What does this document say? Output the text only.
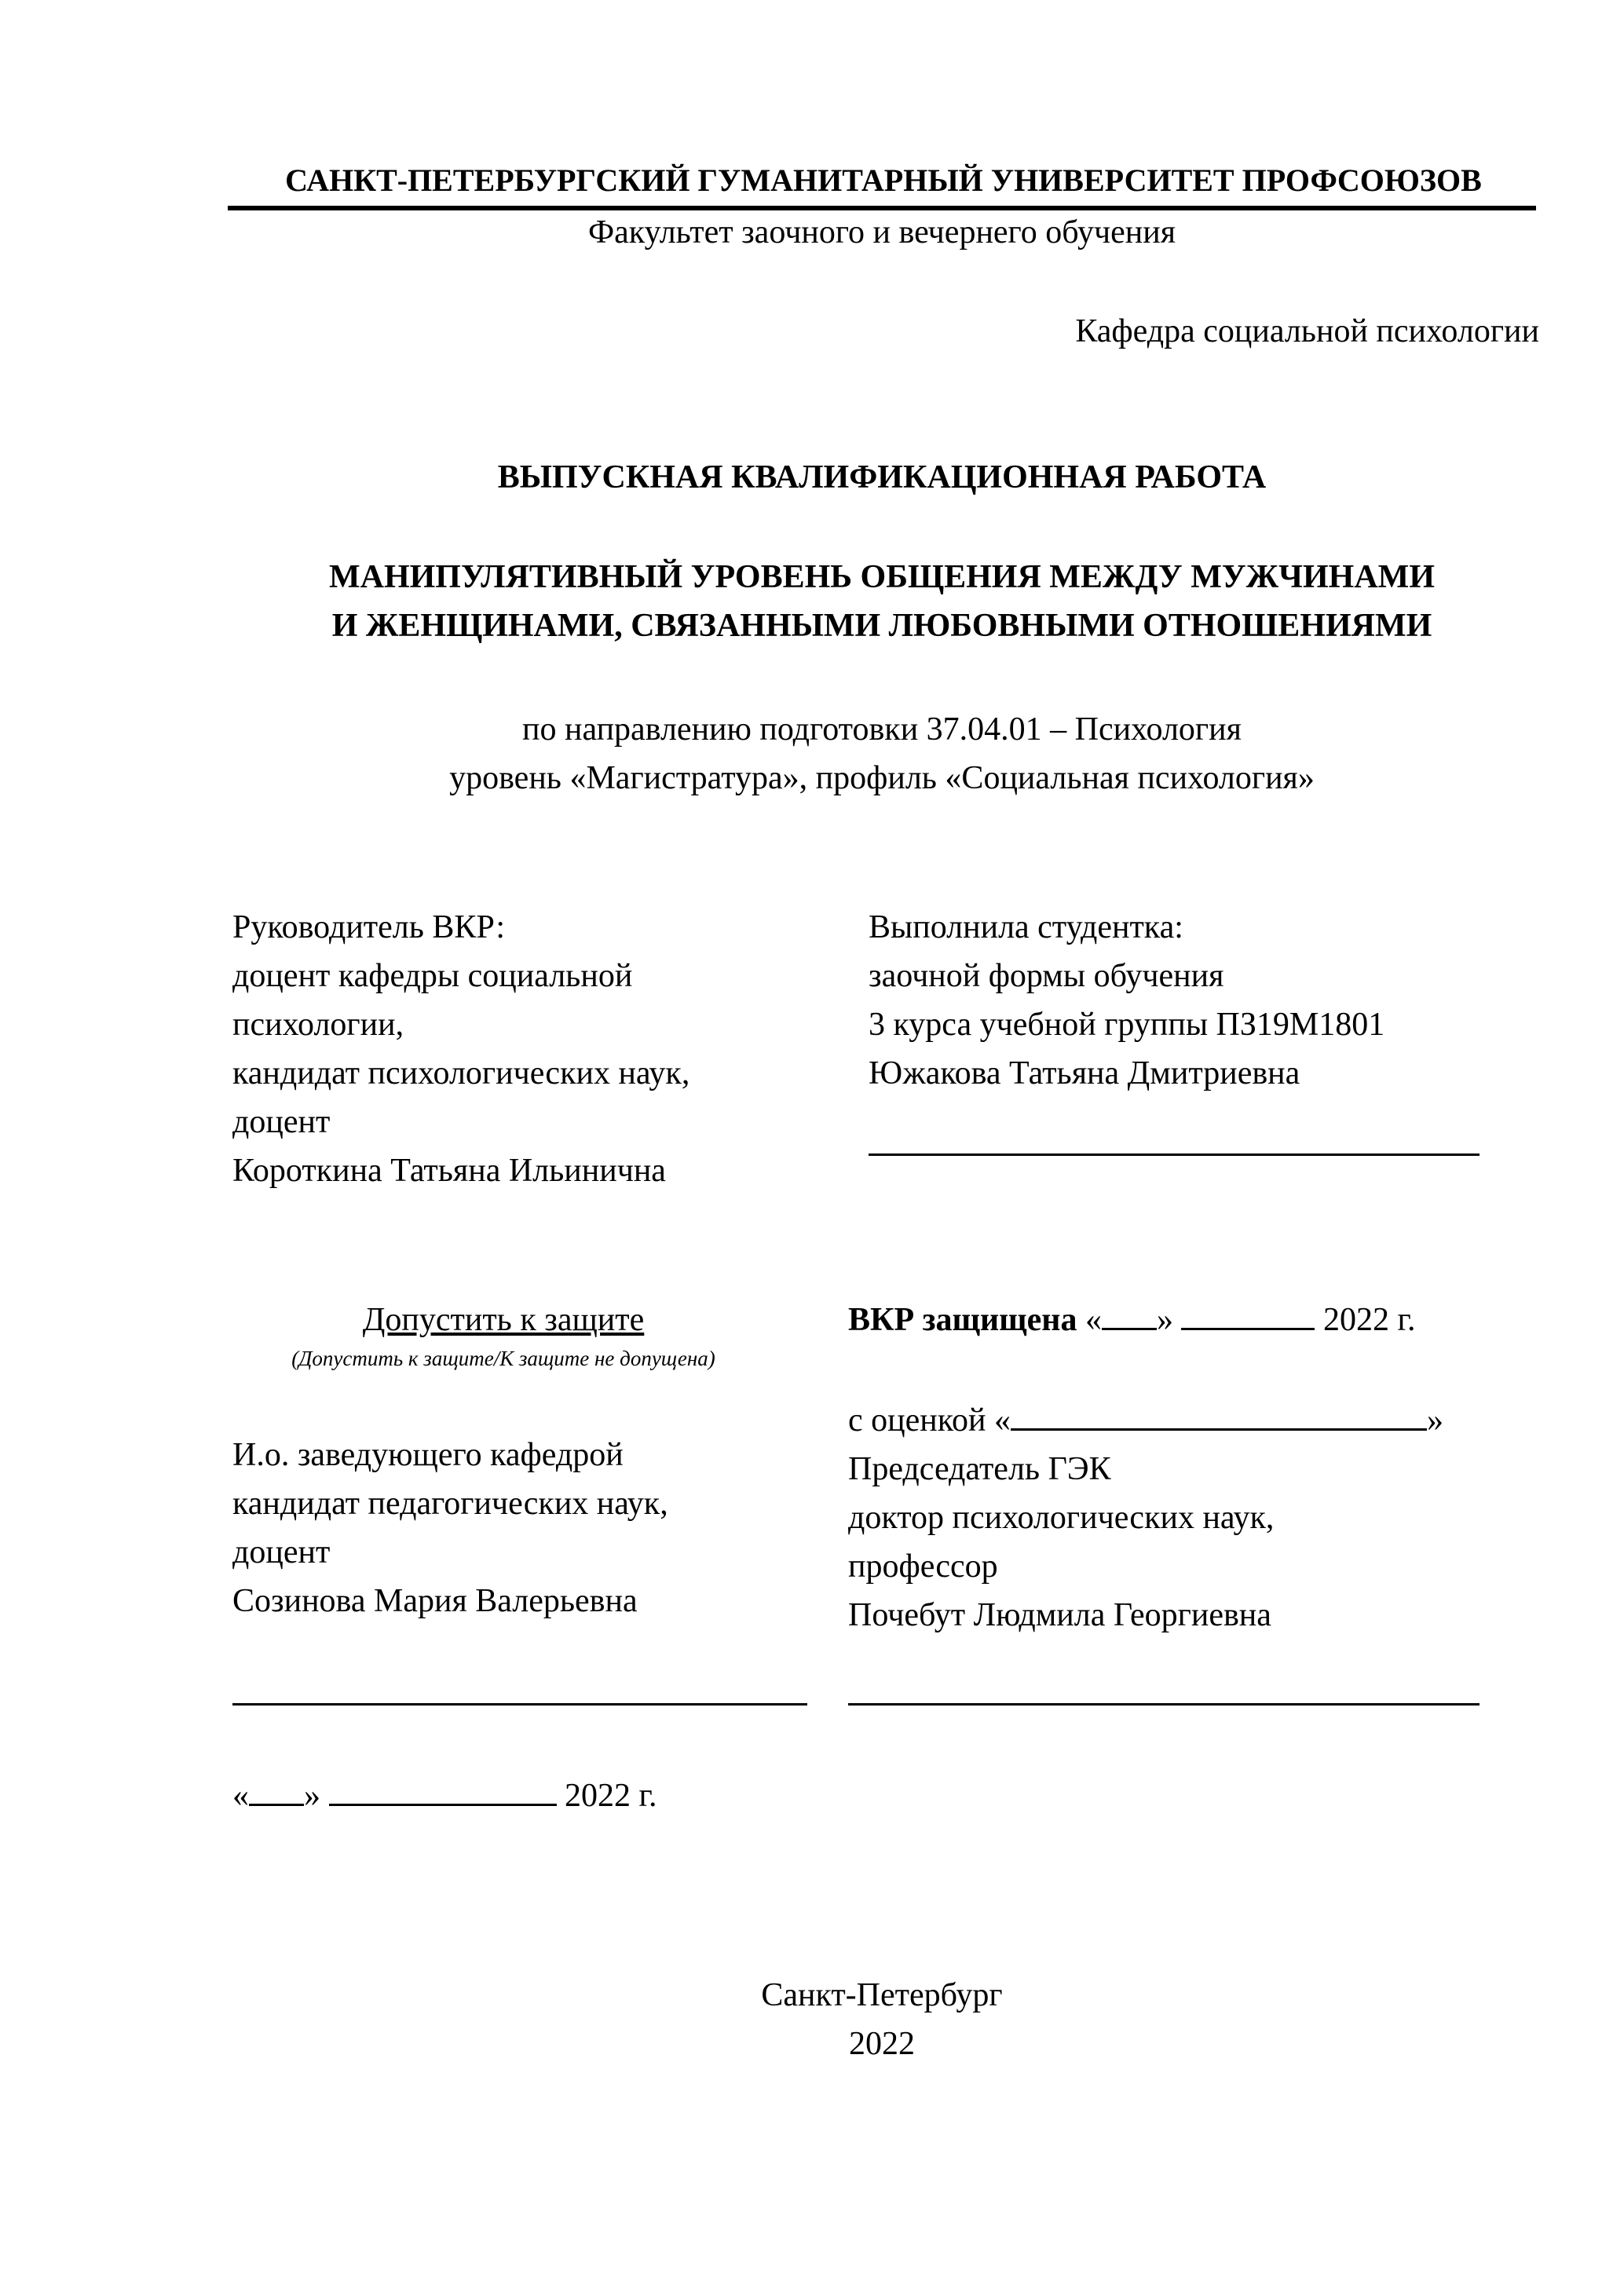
САНКТ-ПЕТЕРБУРГСКИЙ ГУМАНИТАРНЫЙ УНИВЕРСИТЕТ ПРОФСОЮЗОВ
Факультет заочного и вечернего обучения
Кафедра социальной психологии
ВЫПУСКНАЯ КВАЛИФИКАЦИОННАЯ РАБОТА
МАНИПУЛЯТИВНЫЙ УРОВЕНЬ ОБЩЕНИЯ МЕЖДУ МУЖЧИНАМИ
И ЖЕНЩИНАМИ, СВЯЗАННЫМИ ЛЮБОВНЫМИ ОТНОШЕНИЯМИ
по направлению подготовки 37.04.01 – Психология
уровень «Магистратура», профиль «Социальная психология»
Руководитель ВКР:
доцент кафедры социальной
психологии,
кандидат психологических наук,
доцент
Короткина Татьяна Ильинична
Выполнила студентка:
заочной формы обучения
3 курса учебной группы ПЗ19М1801
Южакова Татьяна Дмитриевна
Допустить к защите
(Допустить к защите/К защите не допущена)
ВКР защищена « »	2022 г.
с оценкой «	»
И.о. заведующего кафедрой
кандидат педагогических наук,
доцент
Созинова Мария Валерьевна
« »	2022 г.
Председатель ГЭК
доктор психологических наук,
профессор
Почебут Людмила Георгиевна
Санкт-Петербург
2022
